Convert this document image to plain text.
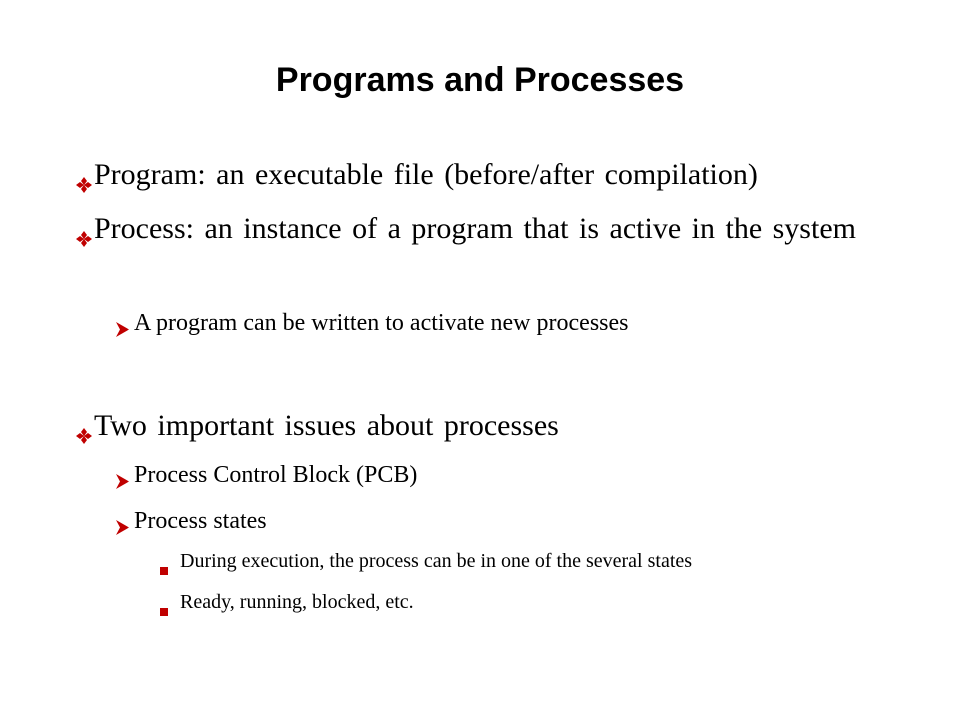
Programs and Processes
Program: an executable file (before/after compilation)
Process: an instance of a program that is active in the system
A program can be written to activate new processes
Two important issues about processes
Process Control Block (PCB)
Process states
During execution, the process can be in one of the several states
Ready, running, blocked, etc.
